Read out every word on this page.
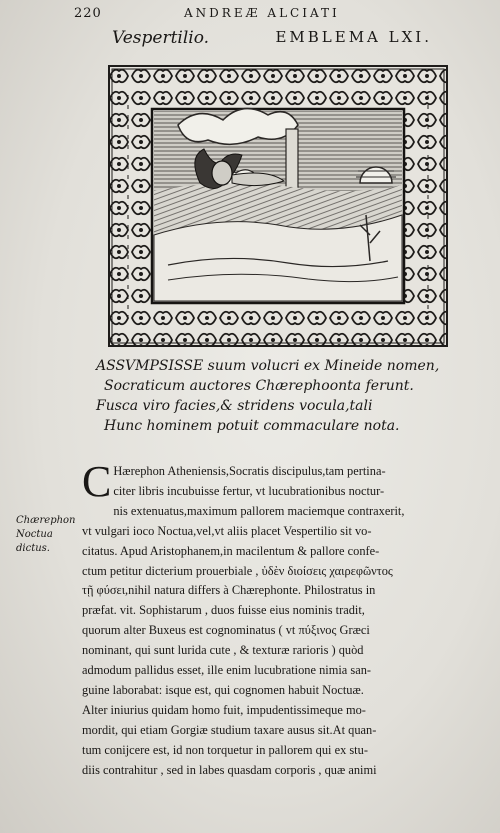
220	ANDREÆ ALCIATI
Vespertilio.	EMBLEMA LXI.
ASSVMPSISSE suum volucri ex Mineide nomen,
Socraticum auctores Chærephoonta ferunt.
Fusca viro facies,& stridens vocula,tali
Hunc hominem potuit commaculare nota.
Chærephon Noctua dictus.
C Hærephon Atheniensis,Socratis discipulus,tam pertina-
citer libris incubuisse fertur, vt lucubrationibus noctur-
nis extenuatus,maximum pallorem maciemque contraxerit,
vt vulgari ioco Noctua,vel,vt aliis placet Vespertilio sit vo-
citatus. Apud Aristophanem,in macilentum & pallore confe-
ctum petitur dicterium prouerbiale , ὐδὲν διοίσεις χαιρεφῶντος
τῇ φύσει,nihil natura differs à Chærephonte. Philostratus in
præfat. vit. Sophistarum , duos fuisse eius nominis tradit,
quorum alter Buxeus est cognominatus ( vt πύξινος Græci
nominant, qui sunt lurida cute , & texturæ rarioris ) quòd
admodum pallidus esset, ille enim lucubratione nimia san-
guine laborabat: isque est, qui cognomen habuit Noctuæ.
Alter iniurius quidam homo fuit, impudentissimeque mo-
mordit, qui etiam Gorgiæ studium taxare ausus sit.At quan-
tum conijcere est, id non torquetur in pallorem qui ex stu-
diis contrahitur , sed in labes quasdam corporis , quæ animi
